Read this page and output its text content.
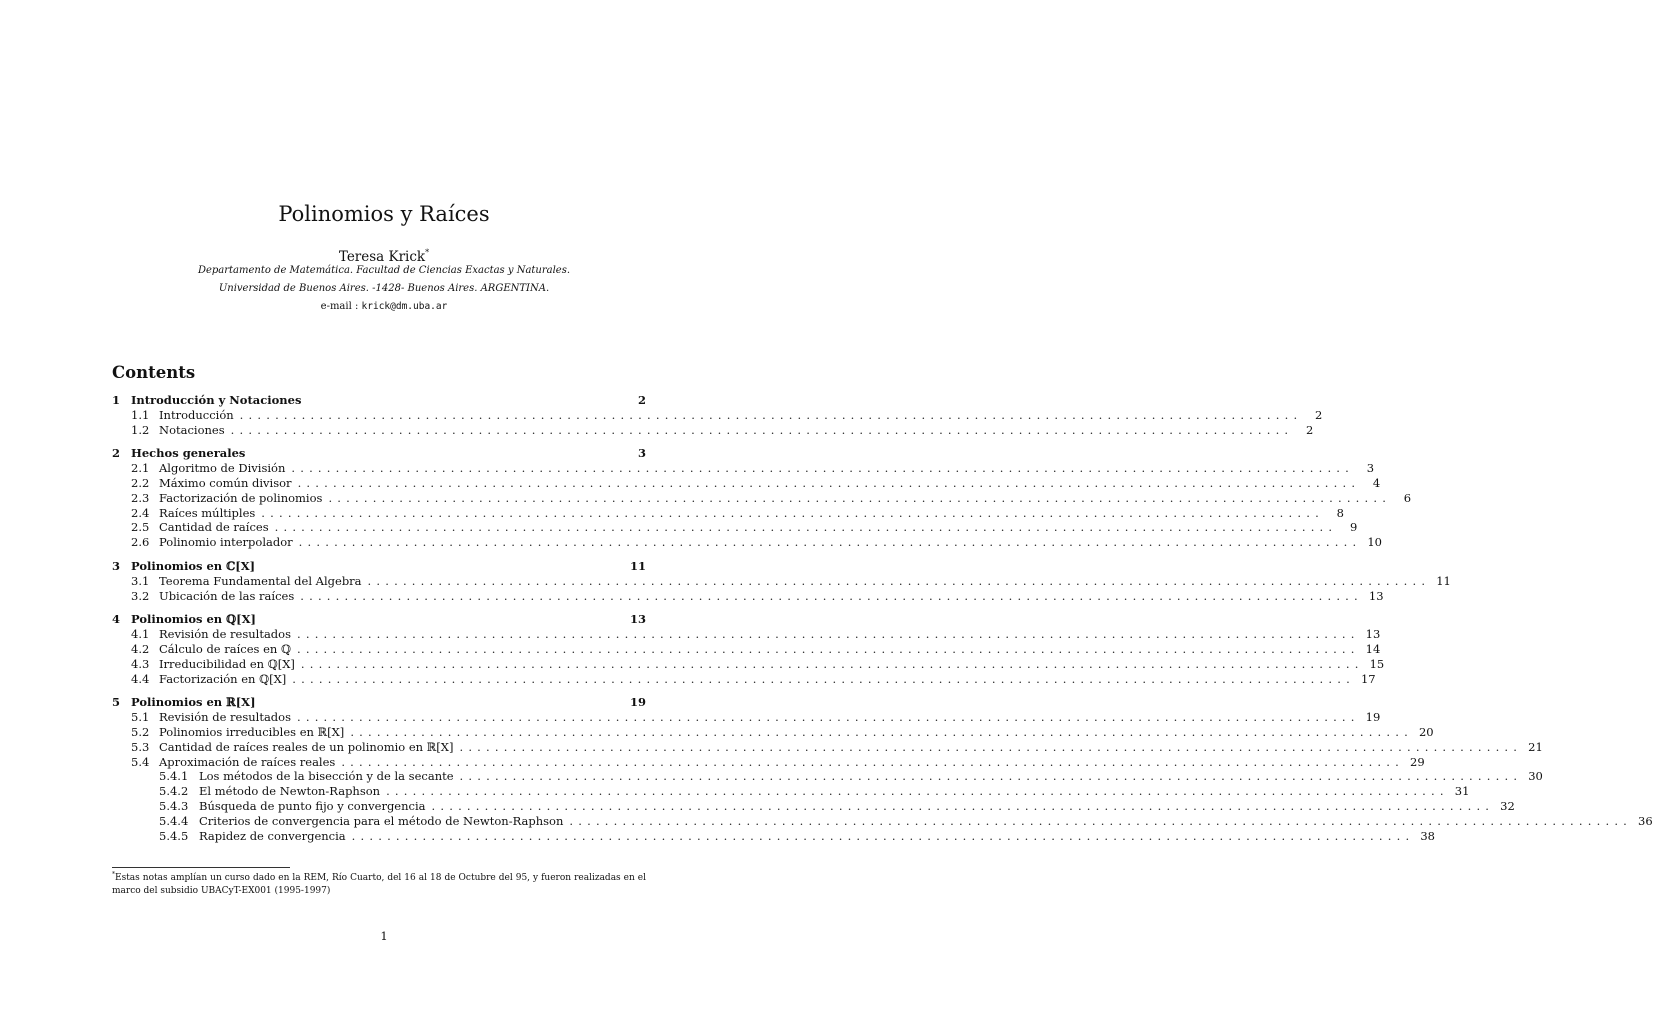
Polinomios y Raíces
Teresa Krick*
Departamento de Matemática. Facultad de Ciencias Exactas y Naturales.
Universidad de Buenos Aires. -1428- Buenos Aires. ARGENTINA.
e-mail : krick@dm.uba.ar
Contents
1 Introducción y Notaciones	2
1.1 Introducción ........................................................................................................................	2
1.2 Notaciones ........................................................................................................................	2
2 Hechos generales	3
2.1 Algoritmo de División ........................................................................................................................	3
2.2 Máximo común divisor ........................................................................................................................	4
2.3 Factorización de polinomios ........................................................................................................................	6
2.4 Raíces múltiples ........................................................................................................................	8
2.5 Cantidad de raíces ........................................................................................................................	9
2.6 Polinomio interpolador ........................................................................................................................ 10
3 Polinomios en ℂ[X]	11
3.1 Teorema Fundamental del Algebra ........................................................................................................................ 11
3.2 Ubicación de las raíces ........................................................................................................................ 13
4 Polinomios en ℚ[X]	13
4.1 Revisión de resultados ........................................................................................................................ 13
4.2 Cálculo de raíces en ℚ ........................................................................................................................ 14
4.3 Irreducibilidad en ℚ[X] ........................................................................................................................ 15
4.4 Factorización en ℚ[X] ........................................................................................................................ 17
5 Polinomios en ℝ[X]	19
5.1 Revisión de resultados ........................................................................................................................ 19
5.2 Polinomios irreducibles en ℝ[X] ........................................................................................................................ 20
5.3 Cantidad de raíces reales de un polinomio en ℝ[X] ........................................................................................................................ 21
5.4 Aproximación de raíces reales ........................................................................................................................ 29
5.4.1 Los métodos de la bisección y de la secante ........................................................................................................................ 30
5.4.2 El método de Newton-Raphson ........................................................................................................................ 31
5.4.3 Búsqueda de punto fijo y convergencia ........................................................................................................................ 32
5.4.4 Criterios de convergencia para el método de Newton-Raphson ........................................................................................................................ 36
5.4.5 Rapidez de convergencia ........................................................................................................................ 38
*Estas notas amplían un curso dado en la REM, Río Cuarto, del 16 al 18 de Octubre del 95, y fueron realizadas en el marco del subsidio UBACyT-EX001 (1995-1997)
1
